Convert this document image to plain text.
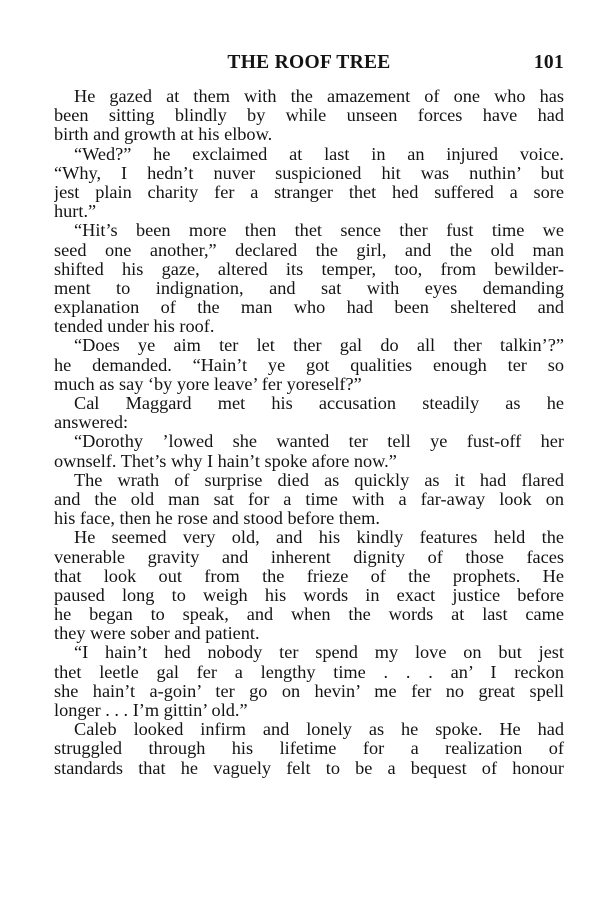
THE ROOF TREE	101
He gazed at them with the amazement of one who has
been sitting blindly by while unseen forces have had
birth and growth at his elbow.
“Wed?” he exclaimed at last in an injured voice.
“Why, I hedn’t nuver suspicioned hit was nuthin’ but
jest plain charity fer a stranger thet hed suffered a sore
hurt.”
“Hit’s been more then thet sence ther fust time we
seed one another,” declared the girl, and the old man
shifted his gaze, altered its temper, too, from bewilder-
ment to indignation, and sat with eyes demanding
explanation of the man who had been sheltered and
tended under his roof.
“Does ye aim ter let ther gal do all ther talkin’?”
he demanded. “Hain’t ye got qualities enough ter so
much as say ‘by yore leave’ fer yoreself?”
Cal Maggard met his accusation steadily as he
answered:
“Dorothy ’lowed she wanted ter tell ye fust-off her
ownself. Thet’s why I hain’t spoke afore now.”
The wrath of surprise died as quickly as it had flared
and the old man sat for a time with a far-away look on
his face, then he rose and stood before them.
He seemed very old, and his kindly features held the
venerable gravity and inherent dignity of those faces
that look out from the frieze of the prophets. He
paused long to weigh his words in exact justice before
he began to speak, and when the words at last came
they were sober and patient.
“I hain’t hed nobody ter spend my love on but jest
thet leetle gal fer a lengthy time . . . an’ I reckon
she hain’t a-goin’ ter go on hevin’ me fer no great spell
longer . . . I’m gittin’ old.”
Caleb looked infirm and lonely as he spoke. He had
struggled through his lifetime for a realization of
standards that he vaguely felt to be a bequest of honour
